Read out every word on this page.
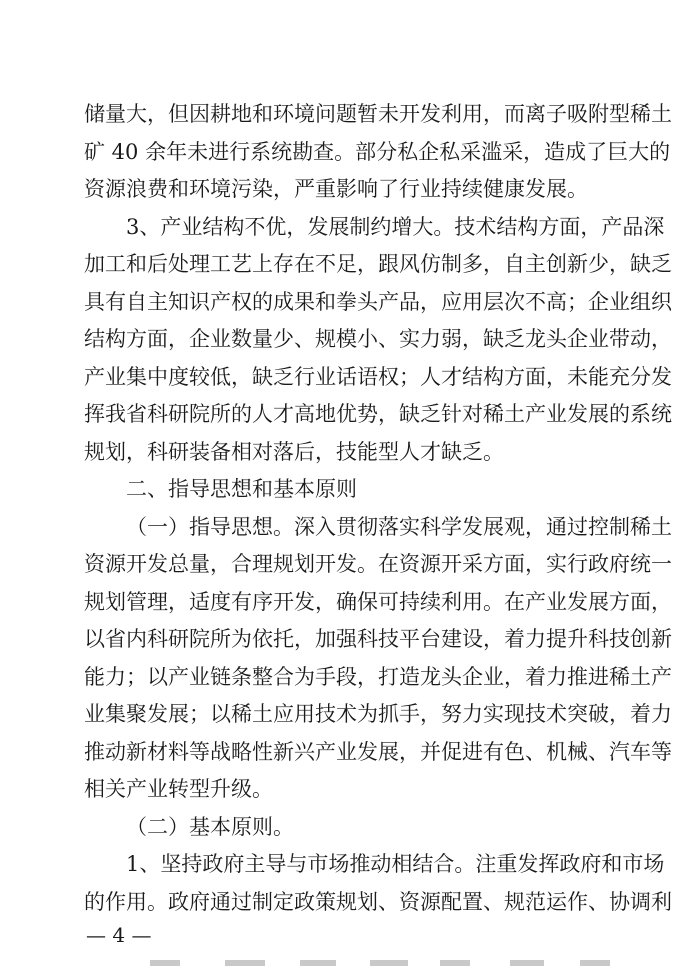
储量大，但因耕地和环境问题暂未开发利用，而离子吸附型稀土
矿 40 余年未进行系统勘查。部分私企私采滥采，造成了巨大的
资源浪费和环境污染，严重影响了行业持续健康发展。
3、产业结构不优，发展制约增大。技术结构方面，产品深
加工和后处理工艺上存在不足，跟风仿制多，自主创新少，缺乏
具有自主知识产权的成果和拳头产品，应用层次不高；企业组织
结构方面，企业数量少、规模小、实力弱，缺乏龙头企业带动，
产业集中度较低，缺乏行业话语权；人才结构方面，未能充分发
挥我省科研院所的人才高地优势，缺乏针对稀土产业发展的系统
规划，科研装备相对落后，技能型人才缺乏。
二、指导思想和基本原则
（一）指导思想。深入贯彻落实科学发展观，通过控制稀土
资源开发总量，合理规划开发。在资源开采方面，实行政府统一
规划管理，适度有序开发，确保可持续利用。在产业发展方面，
以省内科研院所为依托，加强科技平台建设，着力提升科技创新
能力；以产业链条整合为手段，打造龙头企业，着力推进稀土产
业集聚发展；以稀土应用技术为抓手，努力实现技术突破，着力
推动新材料等战略性新兴产业发展，并促进有色、机械、汽车等
相关产业转型升级。
（二）基本原则。
1、坚持政府主导与市场推动相结合。注重发挥政府和市场
的作用。政府通过制定政策规划、资源配置、规范运作、协调利
— 4 —
